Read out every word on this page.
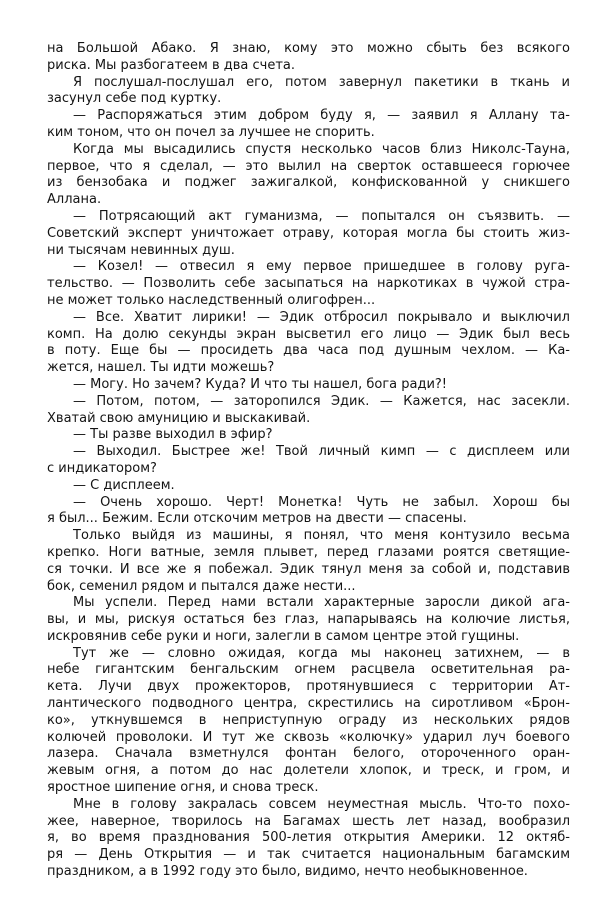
на Большой Абако. Я знаю, кому это можно сбыть без всякого
риска. Мы разбогатеем в два счета.
Я послушал-послушал его, потом завернул пакетики в ткань и
засунул себе под куртку.
— Распоряжаться этим добром буду я, — заявил я Аллану та-
ким тоном, что он почел за лучшее не спорить.
Когда мы высадились спустя несколько часов близ Николс-Тауна,
первое, что я сделал, — это вылил на сверток оставшееся горючее
из бензобака и поджег зажигалкой, конфискованной у сникшего
Аллана.
— Потрясающий акт гуманизма, — попытался он съязвить. —
Советский эксперт уничтожает отраву, которая могла бы стоить жиз-
ни тысячам невинных душ.
— Козел! — отвесил я ему первое пришедшее в голову руга-
тельство. — Позволить себе засыпаться на наркотиках в чужой стра-
не может только наследственный олигофрен...
— Все. Хватит лирики! — Эдик отбросил покрывало и выключил
комп. На долю секунды экран высветил его лицо — Эдик был весь
в поту. Еще бы — просидеть два часа под душным чехлом. — Ка-
жется, нашел. Ты идти можешь?
— Могу. Но зачем? Куда? И что ты нашел, бога ради?!
— Потом, потом, — заторопился Эдик. — Кажется, нас засекли.
Хватай свою амуницию и выскакивай.
— Ты разве выходил в эфир?
— Выходил. Быстрее же! Твой личный кимп — с дисплеем или
с индикатором?
— С дисплеем.
— Очень хорошо. Черт! Монетка! Чуть не забыл. Хорош бы
я был... Бежим. Если отскочим метров на двести — спасены.
Только выйдя из машины, я понял, что меня контузило весьма
крепко. Ноги ватные, земля плывет, перед глазами роятся светящие-
ся точки. И все же я побежал. Эдик тянул меня за собой и, подставив
бок, семенил рядом и пытался даже нести...
Мы успели. Перед нами встали характерные заросли дикой ага-
вы, и мы, рискуя остаться без глаз, напарываясь на колючие листья,
искровянив себе руки и ноги, залегли в самом центре этой гущины.
Тут же — словно ожидая, когда мы наконец затихнем, — в
небе гигантским бенгальским огнем расцвела осветительная ра-
кета. Лучи двух прожекторов, протянувшиеся с территории Ат-
лантического подводного центра, скрестились на сиротливом «Брон-
ко», уткнувшемся в неприступную ограду из нескольких рядов
колючей проволоки. И тут же сквозь «колючку» ударил луч боевого
лазера. Сначала взметнулся фонтан белого, отороченного оран-
жевым огня, а потом до нас долетели хлопок, и треск, и гром, и
яростное шипение огня, и снова треск.
Мне в голову закралась совсем неуместная мысль. Что-то похо-
жее, наверное, творилось на Багамах шесть лет назад, вообразил
я, во время празднования 500-летия открытия Америки. 12 октяб-
ря — День Открытия — и так считается национальным багамским
праздником, а в 1992 году это было, видимо, нечто необыкновенное.
